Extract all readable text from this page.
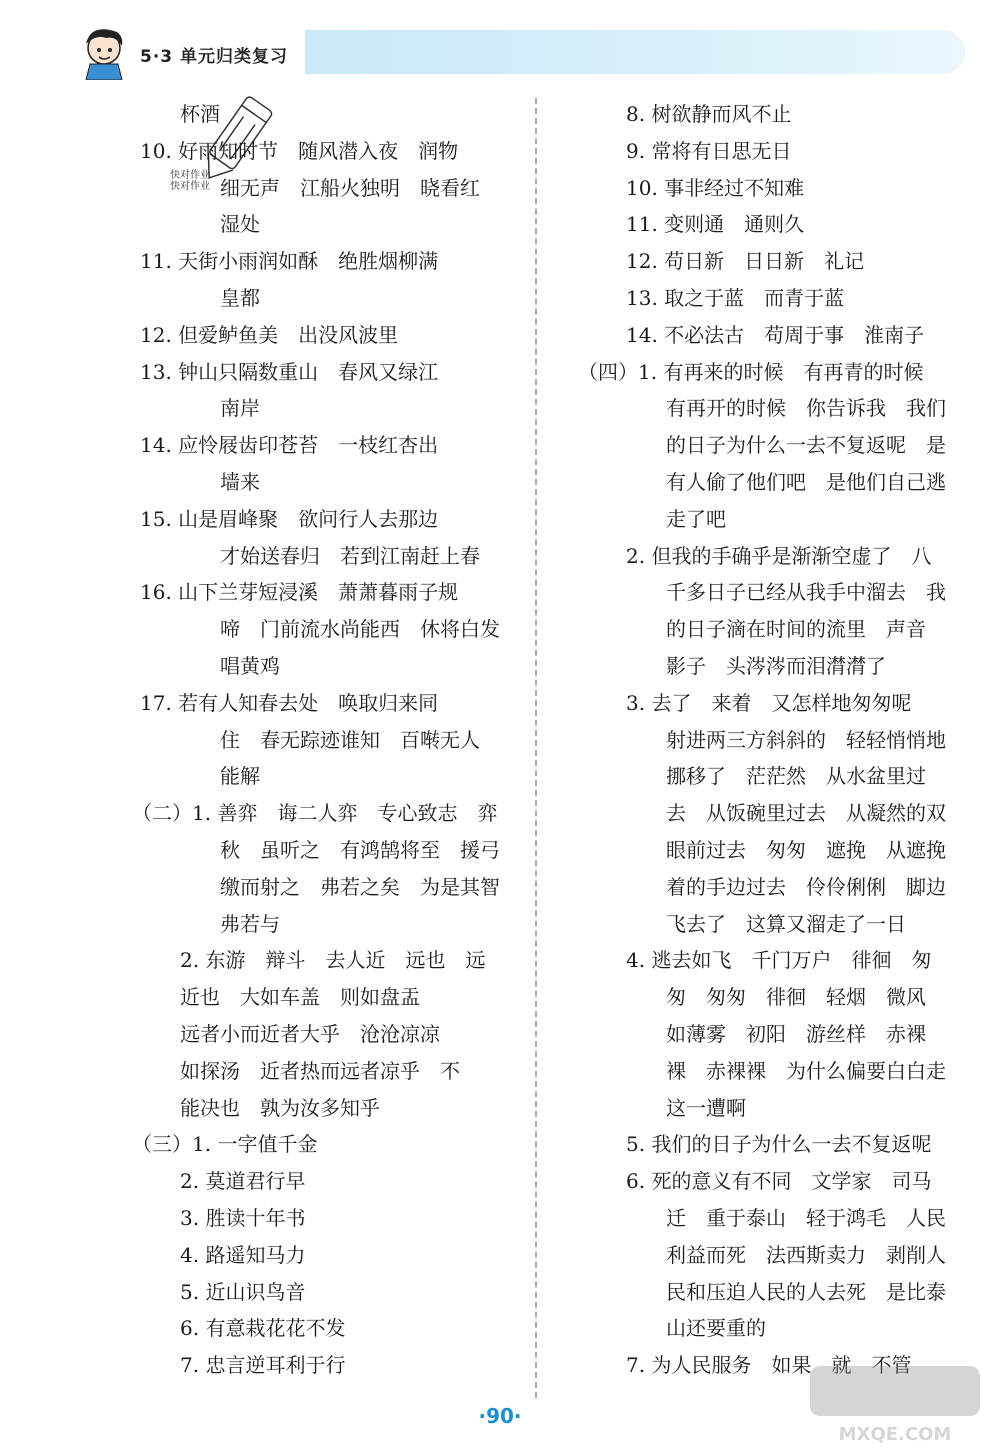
5·3 单元归类复习
快对作业
快对作业
杯酒
10. 好雨知时节　随风潜入夜　润物
细无声　江船火独明　晓看红
湿处
11. 天街小雨润如酥　绝胜烟柳满
皇都
12. 但爱鲈鱼美　出没风波里
13. 钟山只隔数重山　春风又绿江
南岸
14. 应怜屐齿印苍苔　一枝红杏出
墙来
15. 山是眉峰聚　欲问行人去那边
才始送春归　若到江南赶上春
16. 山下兰芽短浸溪　萧萧暮雨子规
啼　门前流水尚能西　休将白发
唱黄鸡
17. 若有人知春去处　唤取归来同
住　春无踪迹谁知　百啭无人
能解
（二）1. 善弈　诲二人弈　专心致志　弈
秋　虽听之　有鸿鹄将至　援弓
缴而射之　弗若之矣　为是其智
弗若与
2. 东游　辩斗　去人近　远也　远
近也　大如车盖　则如盘盂
远者小而近者大乎　沧沧凉凉
如探汤　近者热而远者凉乎　不
能决也　孰为汝多知乎
（三）1. 一字值千金
2. 莫道君行早
3. 胜读十年书
4. 路遥知马力
5. 近山识鸟音
6. 有意栽花花不发
7. 忠言逆耳利于行
8. 树欲静而风不止
9. 常将有日思无日
10. 事非经过不知难
11. 变则通　通则久
12. 苟日新　日日新　礼记
13. 取之于蓝　而青于蓝
14. 不必法古　苟周于事　淮南子
（四）1. 有再来的时候　有再青的时候
有再开的时候　你告诉我　我们
的日子为什么一去不复返呢　是
有人偷了他们吧　是他们自己逃
走了吧
2. 但我的手确乎是渐渐空虚了　八
千多日子已经从我手中溜去　我
的日子滴在时间的流里　声音
影子　头涔涔而泪潸潸了
3. 去了　来着　又怎样地匆匆呢
射进两三方斜斜的　轻轻悄悄地
挪移了　茫茫然　从水盆里过
去　从饭碗里过去　从凝然的双
眼前过去　匆匆　遮挽　从遮挽
着的手边过去　伶伶俐俐　脚边
飞去了　这算又溜走了一日
4. 逃去如飞　千门万户　徘徊　匆
匆　匆匆　徘徊　轻烟　微风
如薄雾　初阳　游丝样　赤裸
裸　赤裸裸　为什么偏要白白走
这一遭啊
5. 我们的日子为什么一去不复返呢
6. 死的意义有不同　文学家　司马
迁　重于泰山　轻于鸿毛　人民
利益而死　法西斯卖力　剥削人
民和压迫人民的人去死　是比泰
山还要重的
7. 为人民服务　如果　就　不管
·90·
MXQE.COM
